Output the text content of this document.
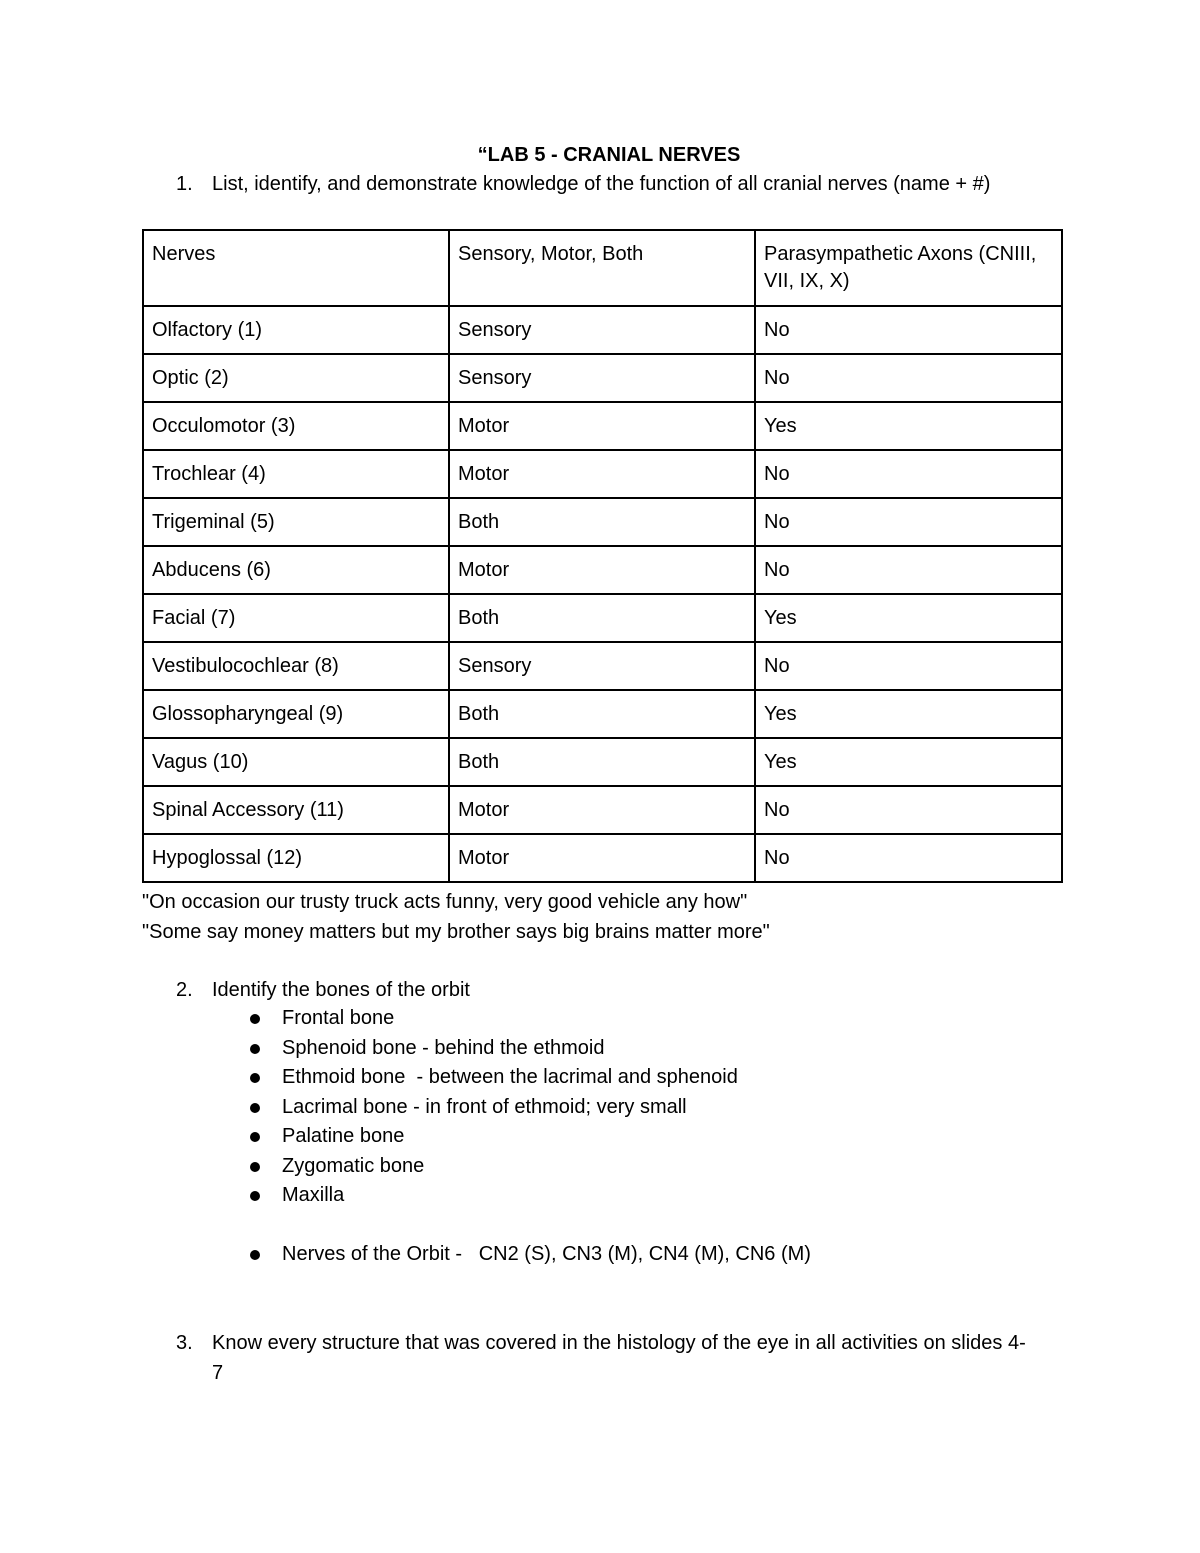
“LAB 5 - CRANIAL NERVES
1. List, identify, and demonstrate knowledge of the function of all cranial nerves (name + #)
Nerves	Sensory, Motor, Both	Parasympathetic Axons (CNIII, VII, IX, X)
Olfactory (1)	Sensory	No
Optic (2)	Sensory	No
Occulomotor (3)	Motor	Yes
Trochlear (4)	Motor	No
Trigeminal (5)	Both	No
Abducens (6)	Motor	No
Facial (7)	Both	Yes
Vestibulocochlear (8)	Sensory	No
Glossopharyngeal (9)	Both	Yes
Vagus (10)	Both	Yes
Spinal Accessory (11)	Motor	No
Hypoglossal (12)	Motor	No
"On occasion our trusty truck acts funny, very good vehicle any how"
"Some say money matters but my brother says big brains matter more"
2. Identify the bones of the orbit
Frontal bone
Sphenoid bone - behind the ethmoid
Ethmoid bone  - between the lacrimal and sphenoid
Lacrimal bone - in front of ethmoid; very small
Palatine bone
Zygomatic bone
Maxilla
Nerves of the Orbit -   CN2 (S), CN3 (M), CN4 (M), CN6 (M)
3. Know every structure that was covered in the histology of the eye in all activities on slides 4-7
